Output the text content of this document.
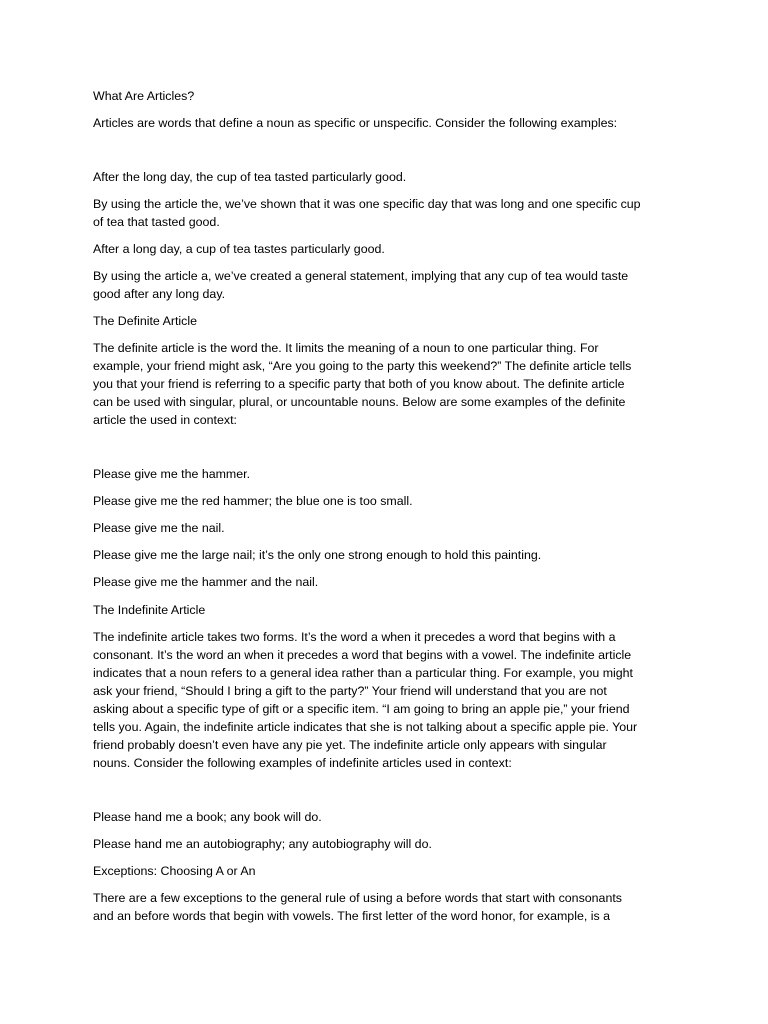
What Are Articles?
Articles are words that define a noun as specific or unspecific. Consider the following examples:
After the long day, the cup of tea tasted particularly good.
By using the article the, we’ve shown that it was one specific day that was long and one specific cup
of tea that tasted good.
After a long day, a cup of tea tastes particularly good.
By using the article a, we’ve created a general statement, implying that any cup of tea would taste
good after any long day.
The Definite Article
The definite article is the word the. It limits the meaning of a noun to one particular thing. For
example, your friend might ask, “Are you going to the party this weekend?” The definite article tells
you that your friend is referring to a specific party that both of you know about. The definite article
can be used with singular, plural, or uncountable nouns. Below are some examples of the definite
article the used in context:
Please give me the hammer.
Please give me the red hammer; the blue one is too small.
Please give me the nail.
Please give me the large nail; it’s the only one strong enough to hold this painting.
Please give me the hammer and the nail.
The Indefinite Article
The indefinite article takes two forms. It’s the word a when it precedes a word that begins with a
consonant. It’s the word an when it precedes a word that begins with a vowel. The indefinite article
indicates that a noun refers to a general idea rather than a particular thing. For example, you might
ask your friend, “Should I bring a gift to the party?” Your friend will understand that you are not
asking about a specific type of gift or a specific item. “I am going to bring an apple pie,” your friend
tells you. Again, the indefinite article indicates that she is not talking about a specific apple pie. Your
friend probably doesn’t even have any pie yet. The indefinite article only appears with singular
nouns. Consider the following examples of indefinite articles used in context:
Please hand me a book; any book will do.
Please hand me an autobiography; any autobiography will do.
Exceptions: Choosing A or An
There are a few exceptions to the general rule of using a before words that start with consonants
and an before words that begin with vowels. The first letter of the word honor, for example, is a
